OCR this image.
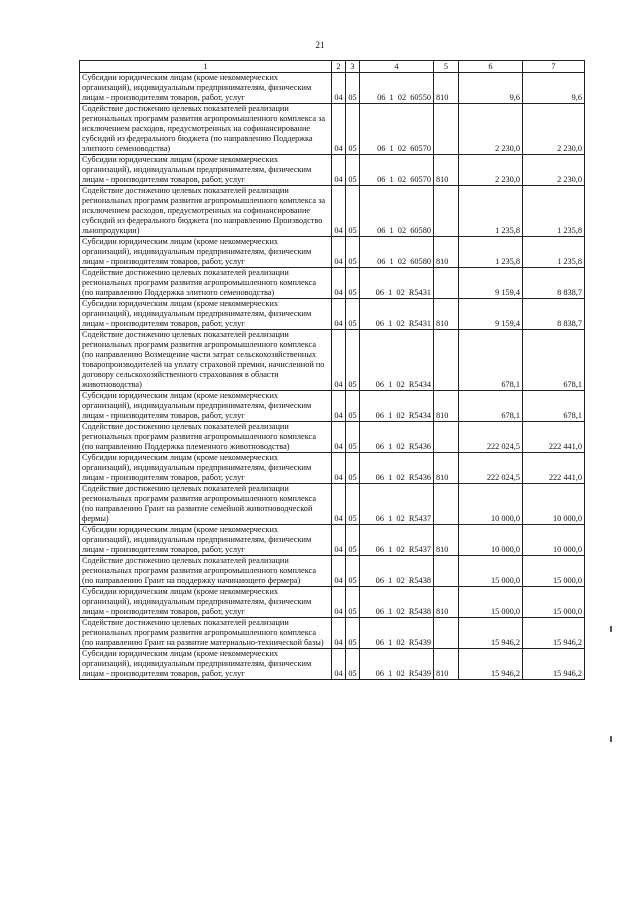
21
1	2	3	4	5	6	7
Субсидии юридическим лицам (кроме некоммерческих организаций), индивидуальным предпринимателям, физическим лицам - производителям товаров, работ, услуг	04	05	06  1  02  60550	810	9,6	9,6
Содействие достижению целевых показателей реализации региональных программ развития агропромышленного комплекса за исключением расходов, предусмотренных на софинансирование субсидий из федерального бюджета (по направлению Поддержка элитного семеноводства)	04	05	06  1  02  60570		2 230,0	2 230,0
Субсидии юридическим лицам (кроме некоммерческих организаций), индивидуальным предпринимателям, физическим лицам - производителям товаров, работ, услуг	04	05	06  1  02  60570	810	2 230,0	2 230,0
Содействие достижению целевых показателей реализации региональных программ развития агропромышленного комплекса за исключением расходов, предусмотренных на софинансирование субсидий из федерального бюджета (по направлению Производство льнопродукции)	04	05	06  1  02  60580		1 235,8	1 235,8
Субсидии юридическим лицам (кроме некоммерческих организаций), индивидуальным предпринимателям, физическим лицам - производителям товаров, работ, услуг	04	05	06  1  02  60580	810	1 235,8	1 235,8
Содействие достижению целевых показателей реализации региональных программ развития агропромышленного комплекса (по направлению Поддержка элитного семеноводства)	04	05	06  1  02  R5431		9 159,4	8 838,7
Субсидии юридическим лицам (кроме некоммерческих организаций), индивидуальным предпринимателям, физическим лицам - производителям товаров, работ, услуг	04	05	06  1  02  R5431	810	9 159,4	8 838,7
Содействие достижению целевых показателей реализации региональных программ развития агропромышленного комплекса (по направлению Возмещение части затрат сельскохозяйственных товаропроизводителей на уплату страховой премии, начисленной по договору сельскохозяйственного страхования в области животноводства)	04	05	06  1  02  R5434		678,1	678,1
Субсидии юридическим лицам (кроме некоммерческих организаций), индивидуальным предпринимателям, физическим лицам - производителям товаров, работ, услуг	04	05	06  1  02  R5434	810	678,1	678,1
Содействие достижению целевых показателей реализации региональных программ развития агропромышленного комплекса (по направлению Поддержка племенного животноводства)	04	05	06  1  02  R5436		222 024,5	222 441,0
Субсидии юридическим лицам (кроме некоммерческих организаций), индивидуальным предпринимателям, физическим лицам - производителям товаров, работ, услуг	04	05	06  1  02  R5436	810	222 024,5	222 441,0
Содействие достижению целевых показателей реализации региональных программ развития агропромышленного комплекса (по направлению Грант на развитие семейной животноводческой фермы)	04	05	06  1  02  R5437		10 000,0	10 000,0
Субсидии юридическим лицам (кроме некоммерческих организаций), индивидуальным предпринимателям, физическим лицам - производителям товаров, работ, услуг	04	05	06  1  02  R5437	810	10 000,0	10 000,0
Содействие достижению целевых показателей реализации региональных программ развития агропромышленного комплекса (по направлению Грант на поддержку начинающего фермера)	04	05	06  1  02  R5438		15 000,0	15 000,0
Субсидии юридическим лицам (кроме некоммерческих организаций), индивидуальным предпринимателям, физическим лицам - производителям товаров, работ, услуг	04	05	06  1  02  R5438	810	15 000,0	15 000,0
Содействие достижению целевых показателей реализации региональных программ развития агропромышленного комплекса (по направлению Грант на развитие материально-технической базы)	04	05	06  1  02  R5439		15 946,2	15 946,2
Субсидии юридическим лицам (кроме некоммерческих организаций), индивидуальным предпринимателям, физическим лицам - производителям товаров, работ, услуг	04	05	06  1  02  R5439	810	15 946,2	15 946,2
